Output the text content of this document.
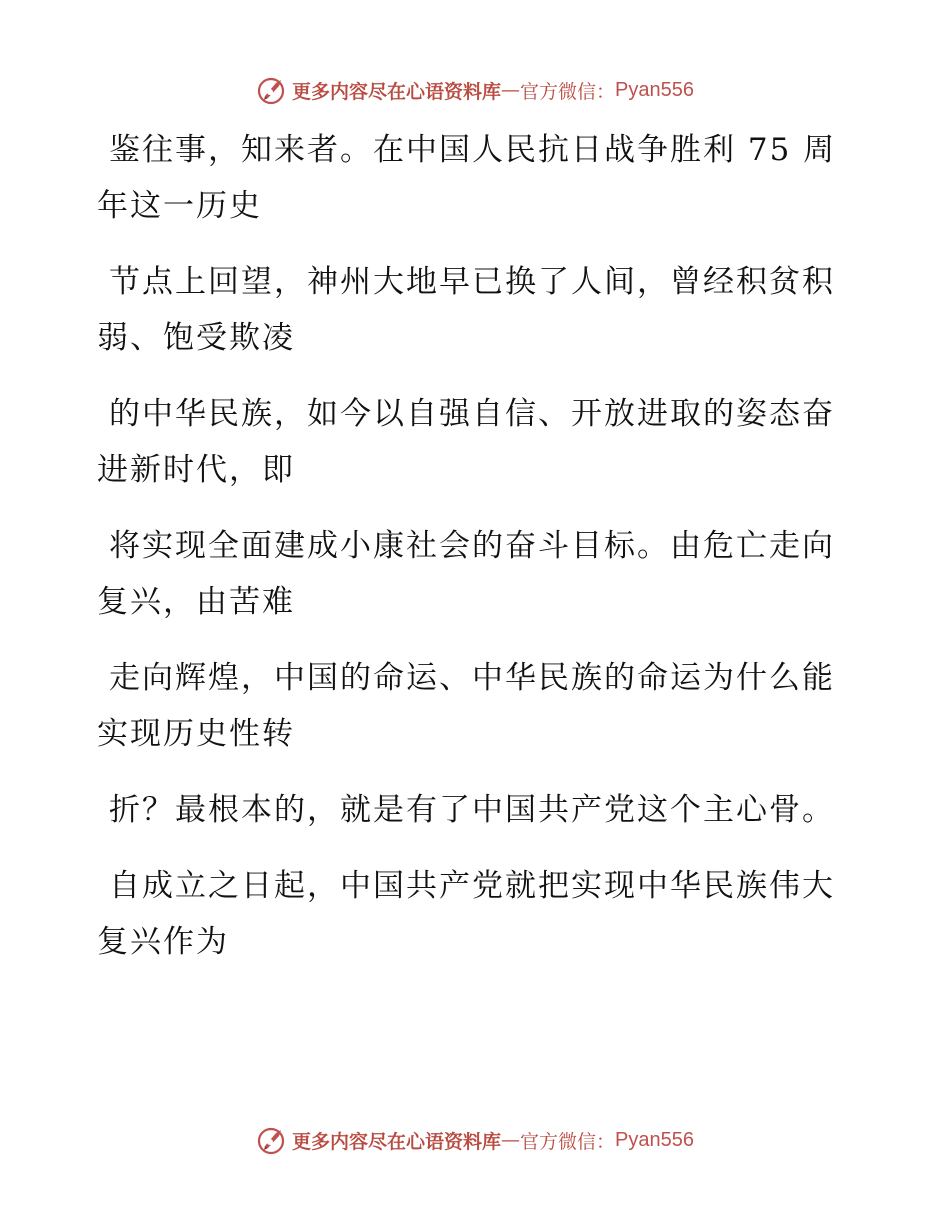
更多内容尽在心语资料库 — 官方微信： Pyan556

鉴往事，知来者。在中国人民抗日战争胜利 75 周年这一历史

节点上回望，神州大地早已换了人间，曾经积贫积弱、饱受欺凌

的中华民族，如今以自强自信、开放进取的姿态奋进新时代，即

将实现全面建成小康社会的奋斗目标。由危亡走向复兴，由苦难

走向辉煌，中国的命运、中华民族的命运为什么能实现历史性转

折？最根本的，就是有了中国共产党这个主心骨。

自成立之日起，中国共产党就把实现中华民族伟大复兴作为

更多内容尽在心语资料库 — 官方微信： Pyan556
